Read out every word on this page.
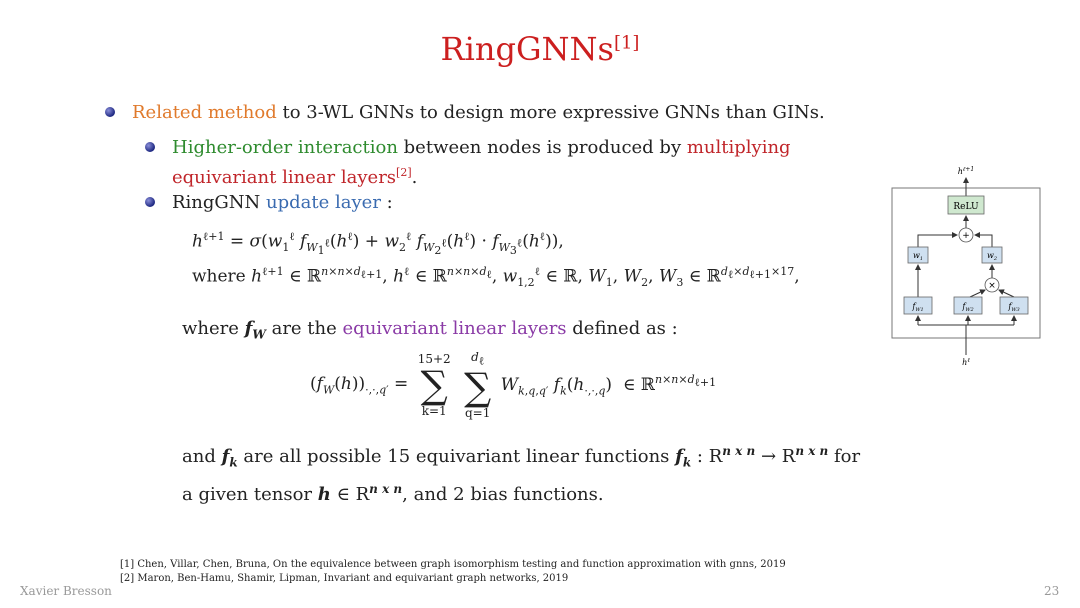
RingGNNs[1]
Related method to 3-WL GNNs to design more expressive GNNs than GINs.
Higher-order interaction between nodes is produced by multiplying
equivariant linear layers[2].
RingGNN update layer :
$h^{\ell+1} = \sigma(w_1^\ell$ $f_{W_1^\ell}(h^\ell) + w_2^\ell$ $f_{W_2^\ell}(h^\ell) \cdot f_{W_3^\ell}(h^\ell)$),
where $h^{\ell+1}$ ∈ ℝ$^{n\times n\times d_{\ell+1}}$, $h^\ell$ ∈ ℝ$^{n\times n\times d_\ell}$, $w_{1,2}^\ell$ ∈ ℝ, $W_1$, $W_2$, $W_3$ ∈ ℝ$^{d_\ell\times d_{\ell+1}\times 17}$,
where $f_W$ are the equivariant linear layers defined as :
$(f_W(h))_{\cdot,\cdot,q'}$ =
15+2
∑
k=1

$d_\ell$
∑
q=1
$W_{k,q,q'}$ $f_k(h_{\cdot,\cdot,q})$  ∈ ℝ$^{n\times n\times d_{\ell+1}}$
and $f_k$ are all possible 15 equivariant linear functions $f_k$ : $R^{n x n} \to R^{n x n}$ for
a given tensor h ∈ $R^{n x n}$, and 2 bias functions.
$h^{\ell+1}$
ReLU
+
$w_1$	$w_2$
×
$f_{W1}$	$f_{W2}$	$f_{W3}$
$h^\ell$
[1] Chen, Villar, Chen, Bruna, On the equivalence between graph isomorphism testing and function approximation with gnns, 2019
[2] Maron, Ben-Hamu, Shamir, Lipman, Invariant and equivariant graph networks, 2019
Xavier Bresson	23
